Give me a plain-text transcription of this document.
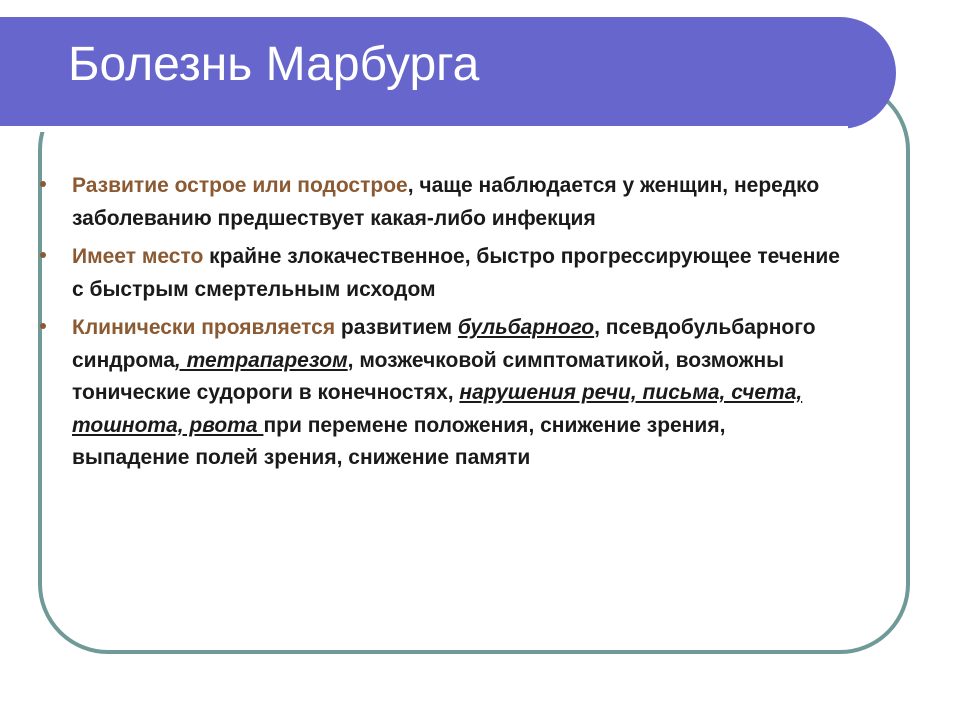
Болезнь Марбурга
Развитие острое или подострое, чаще наблюдается у женщин, нередко заболеванию предшествует какая-либо инфекция
Имеет место крайне злокачественное, быстро прогрессирующее течение с быстрым смертельным исходом
Клинически проявляется развитием бульбарного, псевдобульбарного синдрома, тетрапарезом, мозжечковой симптоматикой, возможны тонические судороги в конечностях, нарушения речи, письма, счета, тошнота, рвота при перемене положения, снижение зрения, выпадение полей зрения, снижение памяти
